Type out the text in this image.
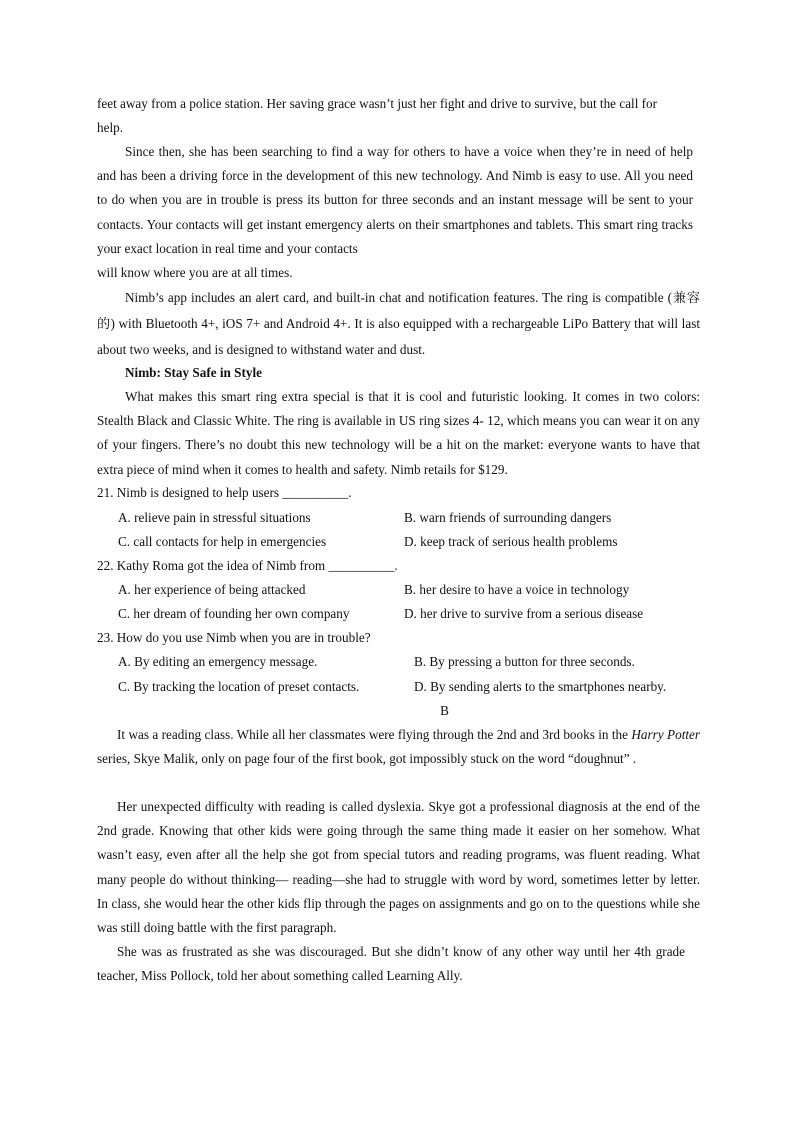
feet away from a police station. Her saving grace wasn’t just her fight and drive to survive, but the call for
help.
Since then, she has been searching to find a way for others to have a voice when they’re in need of help and has been a driving force in the development of this new technology. And Nimb is easy to use. All you need to do when you are in trouble is press its button for three seconds and an instant message will be sent to your contacts. Your contacts will get instant emergency alerts on their smartphones and tablets. This smart ring tracks your exact location in real time and your contacts
will know where you are at all times.
Nimb’s app includes an alert card, and built-in chat and notification features. The ring is compatible (兼容的) with Bluetooth 4+, iOS 7+ and Android 4+. It is also equipped with a rechargeable LiPo Battery that will last about two weeks, and is designed to withstand water and dust.
Nimb: Stay Safe in Style
What makes this smart ring extra special is that it is cool and futuristic looking. It comes in two colors: Stealth Black and Classic White. The ring is available in US ring sizes 4- 12, which means you can wear it on any of your fingers. There’s no doubt this new technology will be a hit on the market: everyone wants to have that extra piece of mind when it comes to health and safety. Nimb retails for $129.
21. Nimb is designed to help users __________.
A. relieve pain in stressful situations	B. warn friends of surrounding dangers
C. call contacts for help in emergencies	D. keep track of serious health problems
22. Kathy Roma got the idea of Nimb from __________.
A. her experience of being attacked	B. her desire to have a voice in technology
C. her dream of founding her own company	D. her drive to survive from a serious disease
23. How do you use Nimb when you are in trouble?
A. By editing an emergency message.	B. By pressing a button for three seconds.
C. By tracking the location of preset contacts.	D. By sending alerts to the smartphones nearby.
B
It was a reading class. While all her classmates were flying through the 2nd and 3rd books in the Harry Potter series, Skye Malik, only on page four of the first book, got impossibly stuck on the word “doughnut” .
Her unexpected difficulty with reading is called dyslexia. Skye got a professional diagnosis at the end of the 2nd grade. Knowing that other kids were going through the same thing made it easier on her somehow. What wasn’t easy, even after all the help she got from special tutors and reading programs, was fluent reading. What many people do without thinking— reading—she had to struggle with word by word, sometimes letter by letter. In class, she would hear the other kids flip through the pages on assignments and go on to the questions while she was still doing battle with the first paragraph.
She was as frustrated as she was discouraged. But she didn’t know of any other way until her 4th grade teacher, Miss Pollock, told her about something called Learning Ally.
